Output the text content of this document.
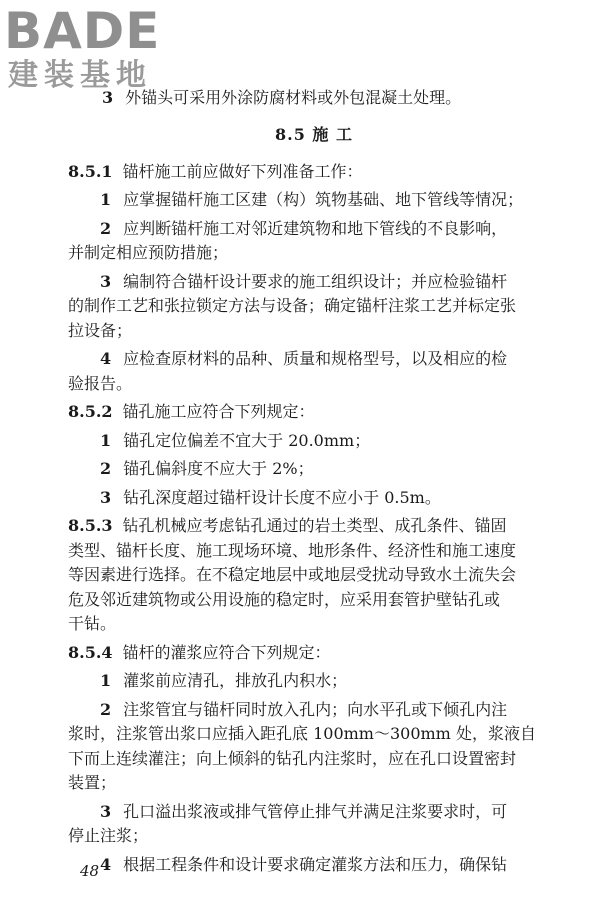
BADE
建装基地
3 外锚头可采用外涂防腐材料或外包混凝土处理。
8.5 施 工
8.5.1 锚杆施工前应做好下列准备工作：
1 应掌握锚杆施工区建（构）筑物基础、地下管线等情况；
2 应判断锚杆施工对邻近建筑物和地下管线的不良影响，
并制定相应预防措施；
3 编制符合锚杆设计要求的施工组织设计；并应检验锚杆
的制作工艺和张拉锁定方法与设备；确定锚杆注浆工艺并标定张
拉设备；
4 应检查原材料的品种、质量和规格型号，以及相应的检
验报告。
8.5.2 锚孔施工应符合下列规定：
1 锚孔定位偏差不宜大于 20.0mm；
2 锚孔偏斜度不应大于 2%；
3 钻孔深度超过锚杆设计长度不应小于 0.5m。
8.5.3 钻孔机械应考虑钻孔通过的岩土类型、成孔条件、锚固
类型、锚杆长度、施工现场环境、地形条件、经济性和施工速度
等因素进行选择。在不稳定地层中或地层受扰动导致水土流失会
危及邻近建筑物或公用设施的稳定时，应采用套管护壁钻孔或
干钻。
8.5.4 锚杆的灌浆应符合下列规定：
1 灌浆前应清孔，排放孔内积水；
2 注浆管宜与锚杆同时放入孔内；向水平孔或下倾孔内注
浆时，注浆管出浆口应插入距孔底 100mm～300mm 处，浆液自
下而上连续灌注；向上倾斜的钻孔内注浆时，应在孔口设置密封
装置；
3 孔口溢出浆液或排气管停止排气并满足注浆要求时，可
停止注浆；
4 根据工程条件和设计要求确定灌浆方法和压力，确保钻
48
